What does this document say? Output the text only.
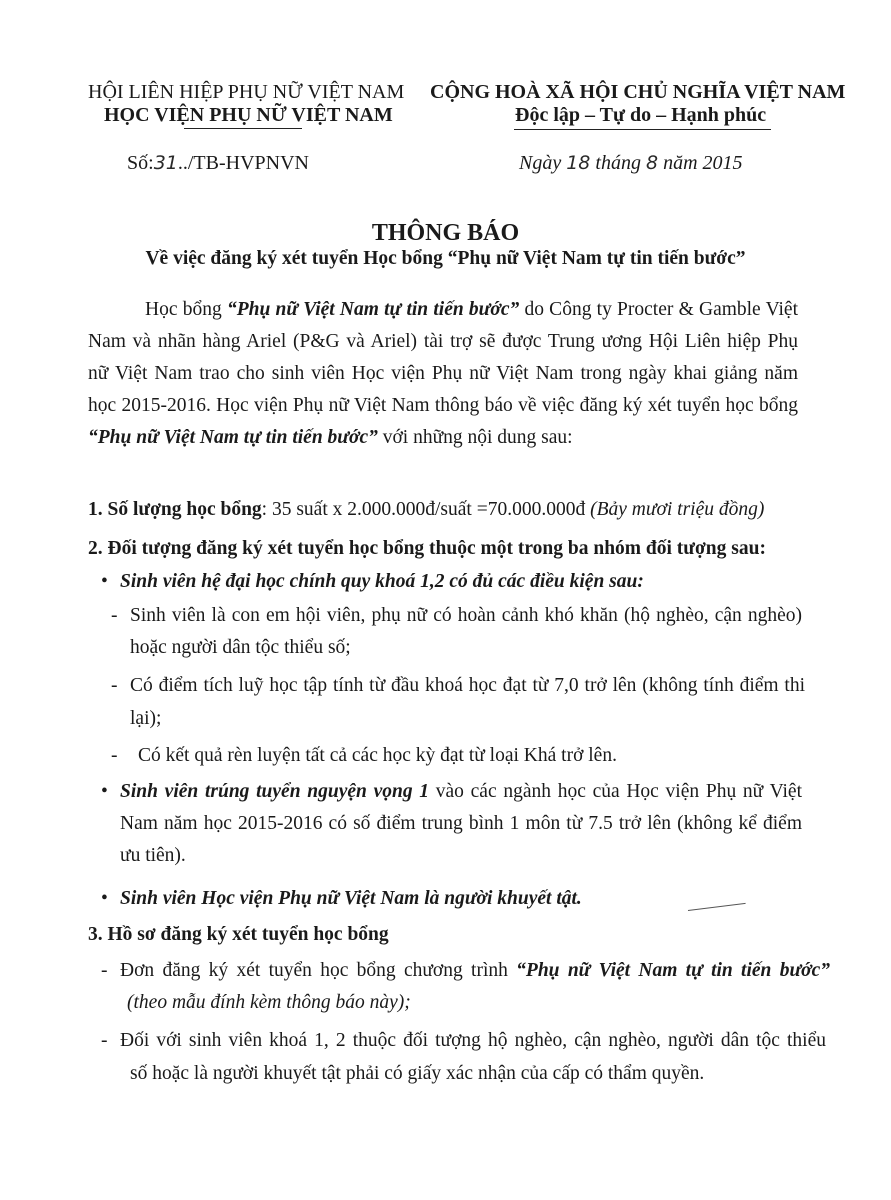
HỘI LIÊN HIỆP PHỤ NỮ VIỆT NAM
HỌC VIỆN PHỤ NỮ VIỆT NAM
CỘNG HOÀ XÃ HỘI CHỦ NGHĨA VIỆT NAM
Độc lập – Tự do – Hạnh phúc
Số:31../TB-HVPNVN	Ngày 18 tháng 8 năm 2015
THÔNG BÁO
Về việc đăng ký xét tuyển Học bổng “Phụ nữ Việt Nam tự tin tiến bước”
Học bổng “Phụ nữ Việt Nam tự tin tiến bước” do Công ty Procter & Gamble Việt
Nam và nhãn hàng Ariel (P&G và Ariel) tài trợ sẽ được Trung ương Hội Liên hiệp Phụ
nữ Việt Nam trao cho sinh viên Học viện Phụ nữ Việt Nam trong ngày khai giảng năm
học 2015-2016. Học viện Phụ nữ Việt Nam thông báo về việc đăng ký xét tuyển học bổng
“Phụ nữ Việt Nam tự tin tiến bước” với những nội dung sau:
1. Số lượng học bổng: 35 suất x 2.000.000đ/suất =70.000.000đ (Bảy mươi triệu đồng)
2. Đối tượng đăng ký xét tuyển học bổng thuộc một trong ba nhóm đối tượng sau:
• Sinh viên hệ đại học chính quy khoá 1,2 có đủ các điều kiện sau:
- Sinh viên là con em hội viên, phụ nữ có hoàn cảnh khó khăn (hộ nghèo, cận nghèo)
hoặc người dân tộc thiểu số;
- Có điểm tích luỹ học tập tính từ đầu khoá học đạt từ 7,0 trở lên (không tính điểm thi
lại);
- Có kết quả rèn luyện tất cả các học kỳ đạt từ loại Khá trở lên.
• Sinh viên trúng tuyển nguyện vọng 1 vào các ngành học của Học viện Phụ nữ Việt
Nam năm học 2015-2016 có số điểm trung bình 1 môn từ 7.5 trở lên (không kể điểm
ưu tiên).
• Sinh viên Học viện Phụ nữ Việt Nam là người khuyết tật.
3. Hồ sơ đăng ký xét tuyển học bổng
- Đơn đăng ký xét tuyển học bổng chương trình “Phụ nữ Việt Nam tự tin tiến bước”
(theo mẫu đính kèm thông báo này);
- Đối với sinh viên khoá 1, 2 thuộc đối tượng hộ nghèo, cận nghèo, người dân tộc thiểu
số hoặc là người khuyết tật phải có giấy xác nhận của cấp có thẩm quyền.
